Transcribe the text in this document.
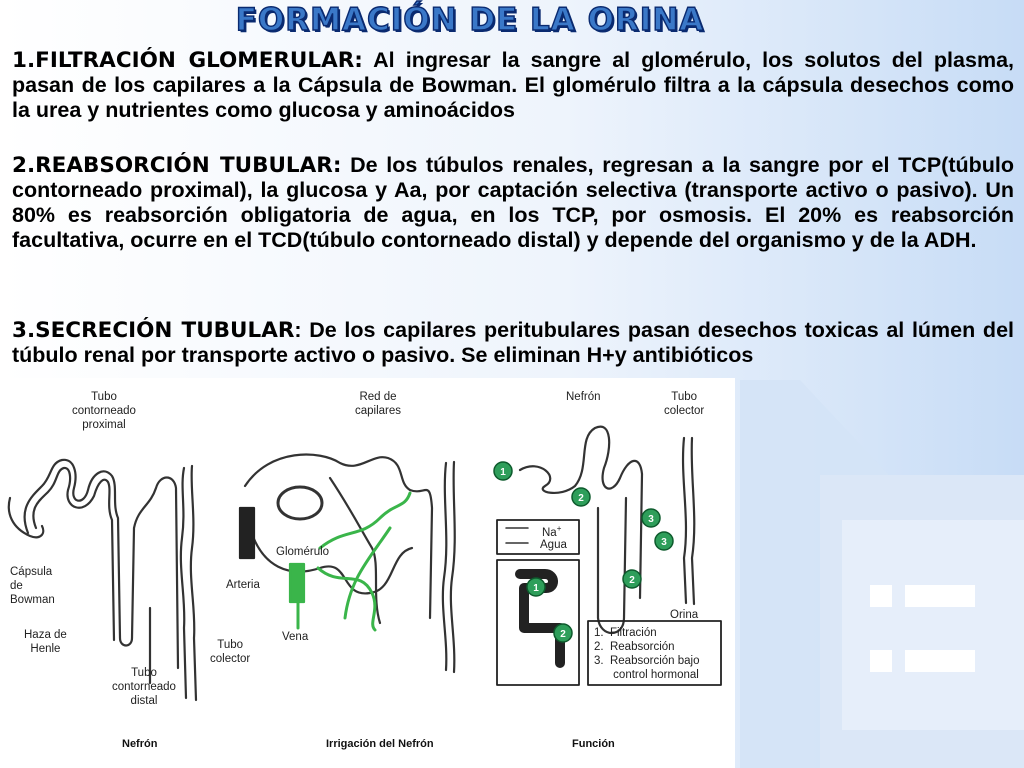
FORMACIÓN DE LA ORINA
1.FILTRACIÓN GLOMERULAR: Al ingresar la sangre al glomérulo, los solutos del plasma, pasan de los capilares a la Cápsula de Bowman. El glomérulo filtra a la cápsula desechos como la urea y nutrientes como glucosa y aminoácidos
2.REABSORCIÓN TUBULAR: De los túbulos renales, regresan a la sangre por el TCP(túbulo contorneado proximal), la glucosa y Aa, por captación selectiva (transporte activo o pasivo). Un 80% es reabsorción obligatoria de agua, en los TCP, por osmosis. El 20% es reabsorción facultativa, ocurre en el TCD(túbulo contorneado distal) y depende del organismo y de la ADH.
3.SECRECIÓN TUBULAR: De los capilares peritubulares pasan desechos toxicas al lúmen del túbulo renal por transporte activo o pasivo. Se eliminan H+y antibióticos
1
2
3
3
2
1
2
Tubo
contorneado
proximal
Cápsula
de
Bowman
Haza de
Henle
Tubo
contorneado
distal
Red de
capilares
Glomérulo
Arteria
Vena
Tubo
colector
Nefrón	Tubo
colector
Orina
Na+
Agua
1.  Filtración
2.  Reabsorción
3.  Reabsorción bajo
control hormonal
Nefrón	Irrigación del Nefrón	Función
